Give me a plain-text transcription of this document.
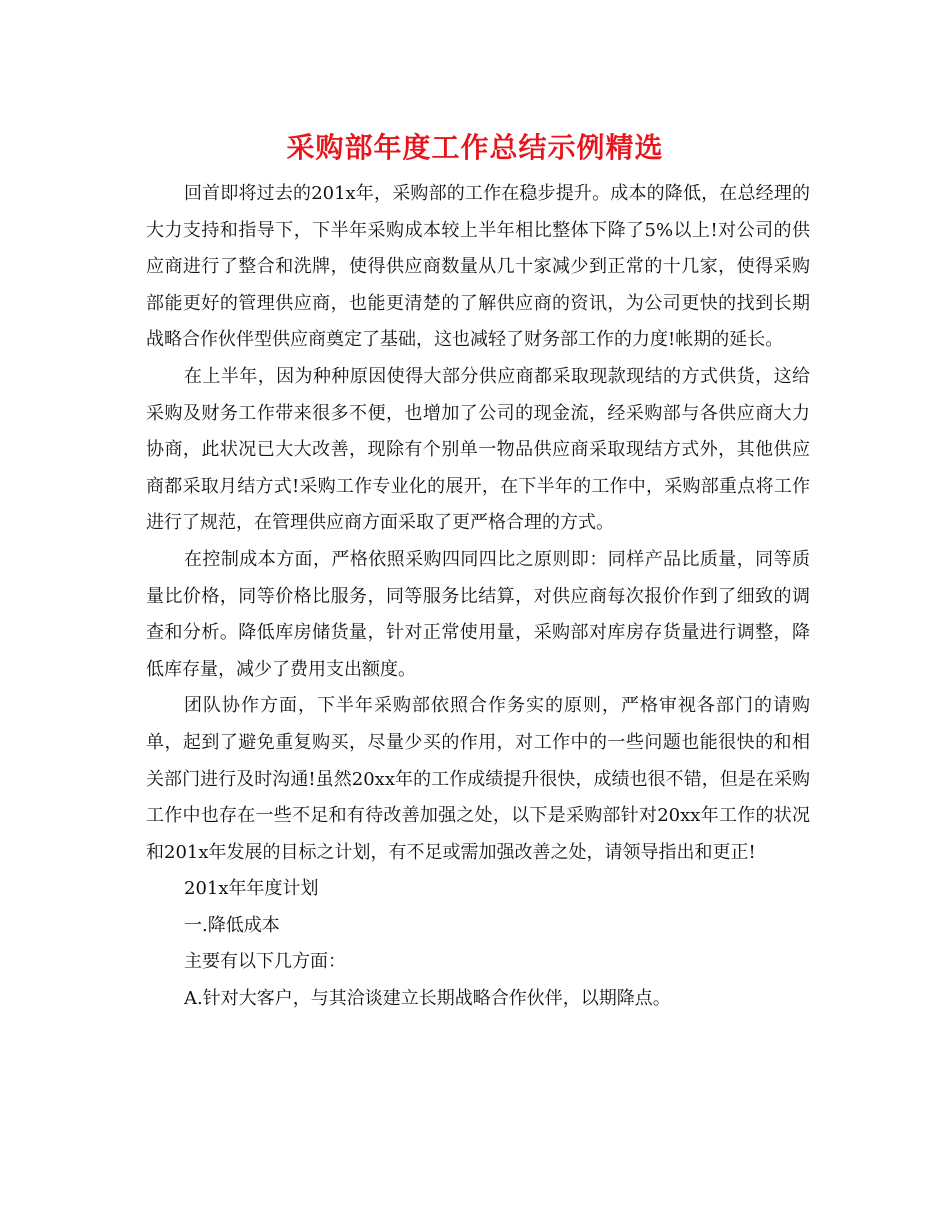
采购部年度工作总结示例精选

回首即将过去的201x年，采购部的工作在稳步提升。成本的降低，在总经理的大力支持和指导下，下半年采购成本较上半年相比整体下降了5%以上!对公司的供应商进行了整合和洗牌，使得供应商数量从几十家减少到正常的十几家，使得采购部能更好的管理供应商，也能更清楚的了解供应商的资讯，为公司更快的找到长期战略合作伙伴型供应商奠定了基础，这也减轻了财务部工作的力度!帐期的延长。

在上半年，因为种种原因使得大部分供应商都采取现款现结的方式供货，这给采购及财务工作带来很多不便，也增加了公司的现金流，经采购部与各供应商大力协商，此状况已大大改善，现除有个别单一物品供应商采取现结方式外，其他供应商都采取月结方式!采购工作专业化的展开，在下半年的工作中，采购部重点将工作进行了规范，在管理供应商方面采取了更严格合理的方式。

在控制成本方面，严格依照采购四同四比之原则即：同样产品比质量，同等质量比价格，同等价格比服务，同等服务比结算，对供应商每次报价作到了细致的调查和分析。降低库房储货量，针对正常使用量，采购部对库房存货量进行调整，降低库存量，减少了费用支出额度。

团队协作方面，下半年采购部依照合作务实的原则，严格审视各部门的请购单，起到了避免重复购买，尽量少买的作用，对工作中的一些问题也能很快的和相关部门进行及时沟通!虽然20xx年的工作成绩提升很快，成绩也很不错，但是在采购工作中也存在一些不足和有待改善加强之处，以下是采购部针对20xx年工作的状况和201x年发展的目标之计划，有不足或需加强改善之处，请领导指出和更正!

201x年年度计划

一.降低成本

主要有以下几方面：

A.针对大客户，与其洽谈建立长期战略合作伙伴，以期降点。
